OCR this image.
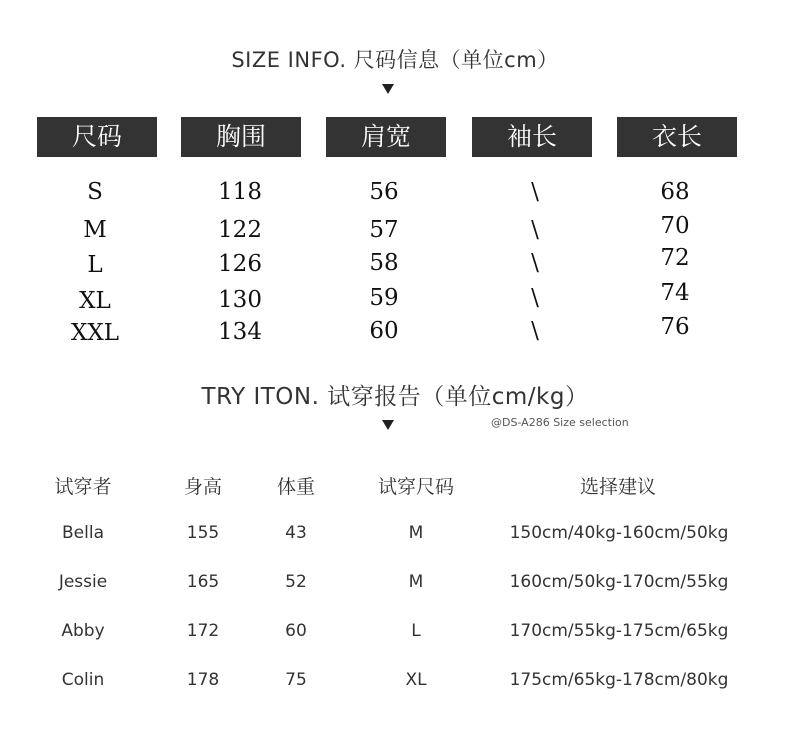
SIZE INFO. 尺码信息（单位cm）
尺码	胸围	肩宽	袖长	衣长
S	118	56	\	68
M	122	57	\	70
L	126	58	\	72
XL	130	59	\	74
XXL	134	60	\	76
TRY ITON. 试穿报告（单位cm/kg）
@DS-A286 Size selection
试穿者	身高	体重	试穿尺码	选择建议
Bella	155	43	M	150cm/40kg-160cm/50kg
Jessie	165	52	M	160cm/50kg-170cm/55kg
Abby	172	60	L	170cm/55kg-175cm/65kg
Colin	178	75	XL	175cm/65kg-178cm/80kg
